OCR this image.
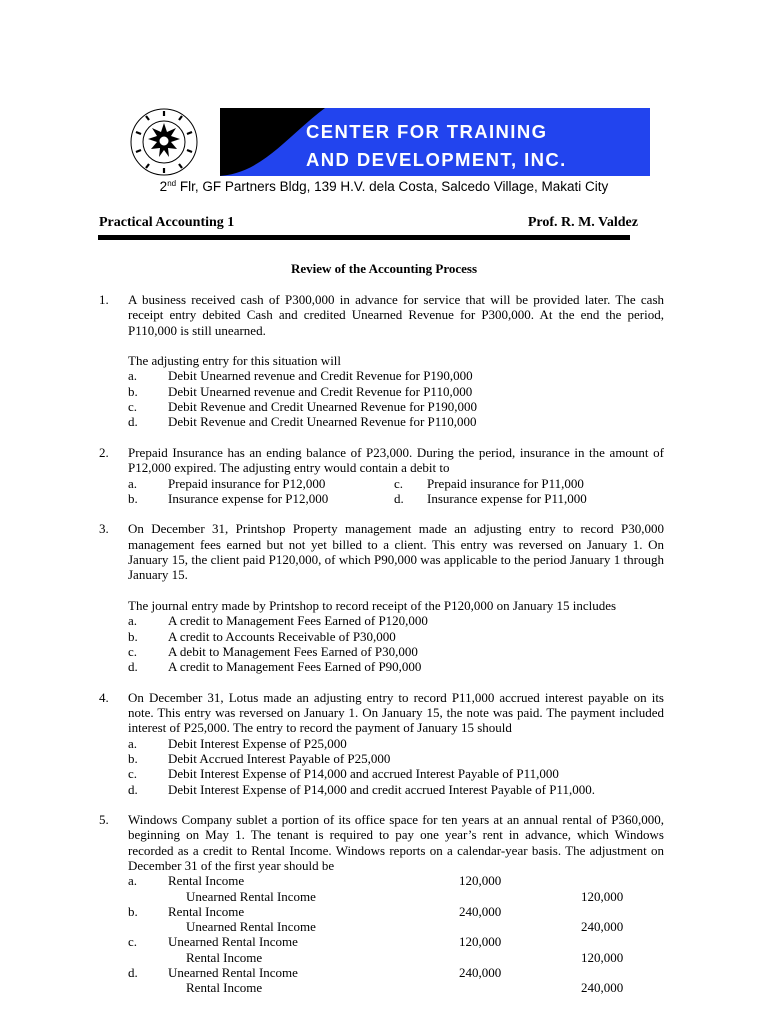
CENTER FOR TRAINING
AND DEVELOPMENT, INC.
2nd Flr, GF Partners Bldg, 139 H.V. dela Costa, Salcedo Village, Makati City
Practical Accounting 1	Prof. R. M. Valdez
Review of the Accounting Process
1. A business received cash of P300,000 in advance for service that will be provided later. The cash receipt entry debited Cash and credited Unearned Revenue for P300,000. At the end the period, P110,000 is still unearned.

The adjusting entry for this situation will
a. Debit Unearned revenue and Credit Revenue for P190,000
b. Debit Unearned revenue and Credit Revenue for P110,000
c. Debit Revenue and Credit Unearned Revenue for P190,000
d. Debit Revenue and Credit Unearned Revenue for P110,000
2. Prepaid Insurance has an ending balance of P23,000. During the period, insurance in the amount of P12,000 expired. The adjusting entry would contain a debit to

a. Prepaid insurance for P12,000	c. Prepaid insurance for P11,000
b. Insurance expense for P12,000	d. Insurance expense for P11,000
3. On December 31, Printshop Property management made an adjusting entry to record P30,000 management fees earned but not yet billed to a client. This entry was reversed on January 1. On January 15, the client paid P120,000, of which P90,000 was applicable to the period January 1 through January 15.

The journal entry made by Printshop to record receipt of the P120,000 on January 15 includes
a. A credit to Management Fees Earned of P120,000
b. A credit to Accounts Receivable of P30,000
c. A debit to Management Fees Earned of P30,000
d. A credit to Management Fees Earned of P90,000
4. On December 31, Lotus made an adjusting entry to record P11,000 accrued interest payable on its note. This entry was reversed on January 1. On January 15, the note was paid. The payment included interest of P25,000. The entry to record the payment of January 15 should

a. Debit Interest Expense of P25,000
b. Debit Accrued Interest Payable of P25,000
c. Debit Interest Expense of P14,000 and accrued Interest Payable of P11,000
d. Debit Interest Expense of P14,000 and credit accrued Interest Payable of P11,000.
5. Windows Company sublet a portion of its office space for ten years at an annual rental of P360,000, beginning on May 1. The tenant is required to pay one year’s rent in advance, which Windows recorded as a credit to Rental Income. Windows reports on a calendar-year basis. The adjustment on December 31 of the first year should be

a. Rental Income	120,000
Unearned Rental Income	120,000
b. Rental Income	240,000
Unearned Rental Income	240,000
c. Unearned Rental Income	120,000
Rental Income	120,000
d. Unearned Rental Income	240,000
Rental Income	240,000
